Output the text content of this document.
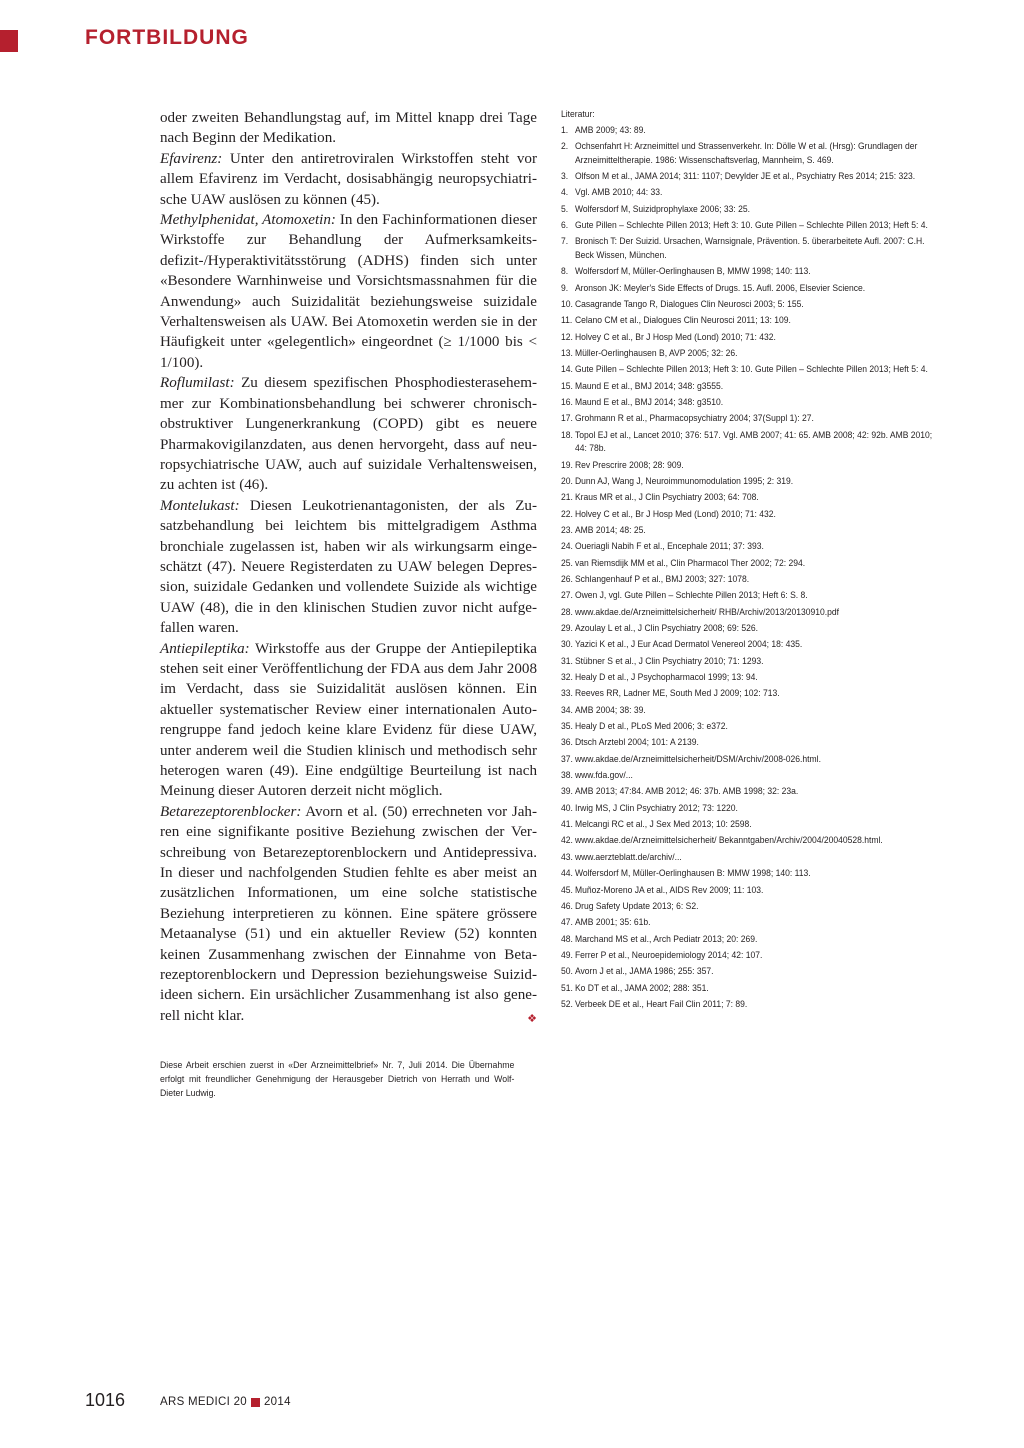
FORTBILDUNG

oder zweiten Behandlungstag auf, im Mittel knapp drei Tage nach Beginn der Medikation.

Efavirenz: Unter den antiretroviralen Wirkstoffen steht vor allem Efavirenz im Verdacht, dosisabhängig neuropsychiatrische UAW auslösen zu können (45).

Methylphenidat, Atomoxetin: In den Fachinformationen dieser Wirkstoffe zur Behandlung der Aufmerksamkeitsdefizit-/Hyperaktivitätsstörung (ADHS) finden sich unter «Besondere Warnhinweise und Vorsichtsmassnahmen für die Anwendung» auch Suizidalität beziehungsweise suizidale Verhaltensweisen als UAW. Bei Atomoxetin werden sie in der Häufigkeit unter «gelegentlich» eingeordnet (≥ 1/1000 bis < 1/100).

Roflumilast: Zu diesem spezifischen Phosphodiesterasehemmer zur Kombinationsbehandlung bei schwerer chronisch-obstruktiver Lungenerkrankung (COPD) gibt es neuere Pharmakovigilanzdaten, aus denen hervorgeht, dass auf neuropsychiatrische UAW, auch auf suizidale Verhaltensweisen, zu achten ist (46).

Montelukast: Diesen Leukotrienantagonisten, der als Zusatzbehandlung bei leichtem bis mittelgradigem Asthma bronchiale zugelassen ist, haben wir als wirkungsarm eingeschätzt (47). Neuere Registerdaten zu UAW belegen Depression, suizidale Gedanken und vollendete Suizide als wichtige UAW (48), die in den klinischen Studien zuvor nicht aufgefallen waren.

Antiepileptika: Wirkstoffe aus der Gruppe der Antiepileptika stehen seit einer Veröffentlichung der FDA aus dem Jahr 2008 im Verdacht, dass sie Suizidalität auslösen können. Ein aktueller systematischer Review einer internationalen Autorengruppe fand jedoch keine klare Evidenz für diese UAW, unter anderem weil die Studien klinisch und methodisch sehr heterogen waren (49). Eine endgültige Beurteilung ist nach Meinung dieser Autoren derzeit nicht möglich.

Betarezeptorenblocker: Avorn et al. (50) errechneten vor Jahren eine signifikante positive Beziehung zwischen der Verschreibung von Betarezeptorenblockern und Antidepressiva. In dieser und nachfolgenden Studien fehlte es aber meist an zusätzlichen Informationen, um eine solche statistische Beziehung interpretieren zu können. Eine spätere grössere Metaanalyse (51) und ein aktueller Review (52) konnten keinen Zusammenhang zwischen der Einnahme von Betarezeptorenblockern und Depression beziehungsweise Suizidideen sichern. Ein ursächlicher Zusammenhang ist also generell nicht klar.	❖

Diese Arbeit erschien zuerst in «Der Arzneimittelbrief» Nr. 7, Juli 2014. Die Übernahme erfolgt mit freundlicher Genehmigung der Herausgeber Dietrich von Herrath und Wolf-Dieter Ludwig.
Literatur:
1. AMB 2009; 43: 89.
2. Ochsenfahrt H: Arzneimittel und Strassenverkehr. In: Dölle W et al. (Hrsg): Grundlagen der Arzneimitteltherapie. 1986: Wissenschaftsverlag, Mannheim, S. 469.
3. Olfson M et al., JAMA 2014; 311: 1107; Devylder JE et al., Psychiatry Res 2014; 215: 323.
4. Vgl. AMB 2010; 44: 33.
5. Wolfersdorf M, Suizidprophylaxe 2006; 33: 25.
6. Gute Pillen – Schlechte Pillen 2013; Heft 3: 10. Gute Pillen – Schlechte Pillen 2013; Heft 5: 4.
7. Bronisch T: Der Suizid. Ursachen, Warnsignale, Prävention. 5. überarbeitete Aufl. 2007: C.H. Beck Wissen, München.
8. Wolfersdorf M, Müller-Oerlinghausen B, MMW 1998; 140: 113.
9. Aronson JK: Meyler's Side Effects of Drugs. 15. Aufl. 2006, Elsevier Science.
10. Casagrande Tango R, Dialogues Clin Neurosci 2003; 5: 155.
11. Celano CM et al., Dialogues Clin Neurosci 2011; 13: 109.
12. Holvey C et al., Br J Hosp Med (Lond) 2010; 71: 432.
13. Müller-Oerlinghausen B, AVP 2005; 32: 26.
14. Gute Pillen – Schlechte Pillen 2013; Heft 3: 10. Gute Pillen – Schlechte Pillen 2013; Heft 5: 4.
15. Maund E et al., BMJ 2014; 348: g3555.
16. Maund E et al., BMJ 2014; 348: g3510.
17. Grohmann R et al., Pharmacopsychiatry 2004; 37(Suppl 1): 27.
18. Topol EJ et al., Lancet 2010; 376: 517. Vgl. AMB 2007; 41: 65. AMB 2008; 42: 92b. AMB 2010; 44: 78b.
19. Rev Prescrire 2008; 28: 909.
20. Dunn AJ, Wang J, Neuroimmunomodulation 1995; 2: 319.
21. Kraus MR et al., J Clin Psychiatry 2003; 64: 708.
22. Holvey C et al., Br J Hosp Med (Lond) 2010; 71: 432.
23. AMB 2014; 48: 25.
24. Oueriagli Nabih F et al., Encephale 2011; 37: 393.
25. van Riemsdijk MM et al., Clin Pharmacol Ther 2002; 72: 294.
26. Schlangenhauf P et al., BMJ 2003; 327: 1078.
27. Owen J, vgl. Gute Pillen – Schlechte Pillen 2013; Heft 6: S. 8.
28. www.akdae.de/Arzneimittelsicherheit/ RHB/Archiv/2013/20130910.pdf
29. Azoulay L et al., J Clin Psychiatry 2008; 69: 526.
30. Yazici K et al., J Eur Acad Dermatol Venereol 2004; 18: 435.
31. Stübner S et al., J Clin Psychiatry 2010; 71: 1293.
32. Healy D et al., J Psychopharmacol 1999; 13: 94.
33. Reeves RR, Ladner ME, South Med J 2009; 102: 713.
34. AMB 2004; 38: 39.
35. Healy D et al., PLoS Med 2006; 3: e372.
36. Dtsch Arztebl 2004; 101: A 2139.
37. www.akdae.de/Arzneimittelsicherheit/DSM/Archiv/2008-026.html.
38. www.fda.gov/...
39. AMB 2013; 47:84. AMB 2012; 46: 37b. AMB 1998; 32: 23a.
40. Irwig MS, J Clin Psychiatry 2012; 73: 1220.
41. Melcangi RC et al., J Sex Med 2013; 10: 2598.
42. www.akdae.de/Arzneimittelsicherheit/ Bekanntgaben/Archiv/2004/20040528.html.
43. www.aerzteblatt.de/archiv/...
44. Wolfersdorf M, Müller-Oerlinghausen B: MMW 1998; 140: 113.
45. Muñoz-Moreno JA et al., AIDS Rev 2009; 11: 103.
46. Drug Safety Update 2013; 6: S2.
47. AMB 2001; 35: 61b.
48. Marchand MS et al., Arch Pediatr 2013; 20: 269.
49. Ferrer P et al., Neuroepidemiology 2014; 42: 107.
50. Avorn J et al., JAMA 1986; 255: 357.
51. Ko DT et al., JAMA 2002; 288: 351.
52. Verbeek DE et al., Heart Fail Clin 2011; 7: 89.
1016	ARS MEDICI 20 2014
